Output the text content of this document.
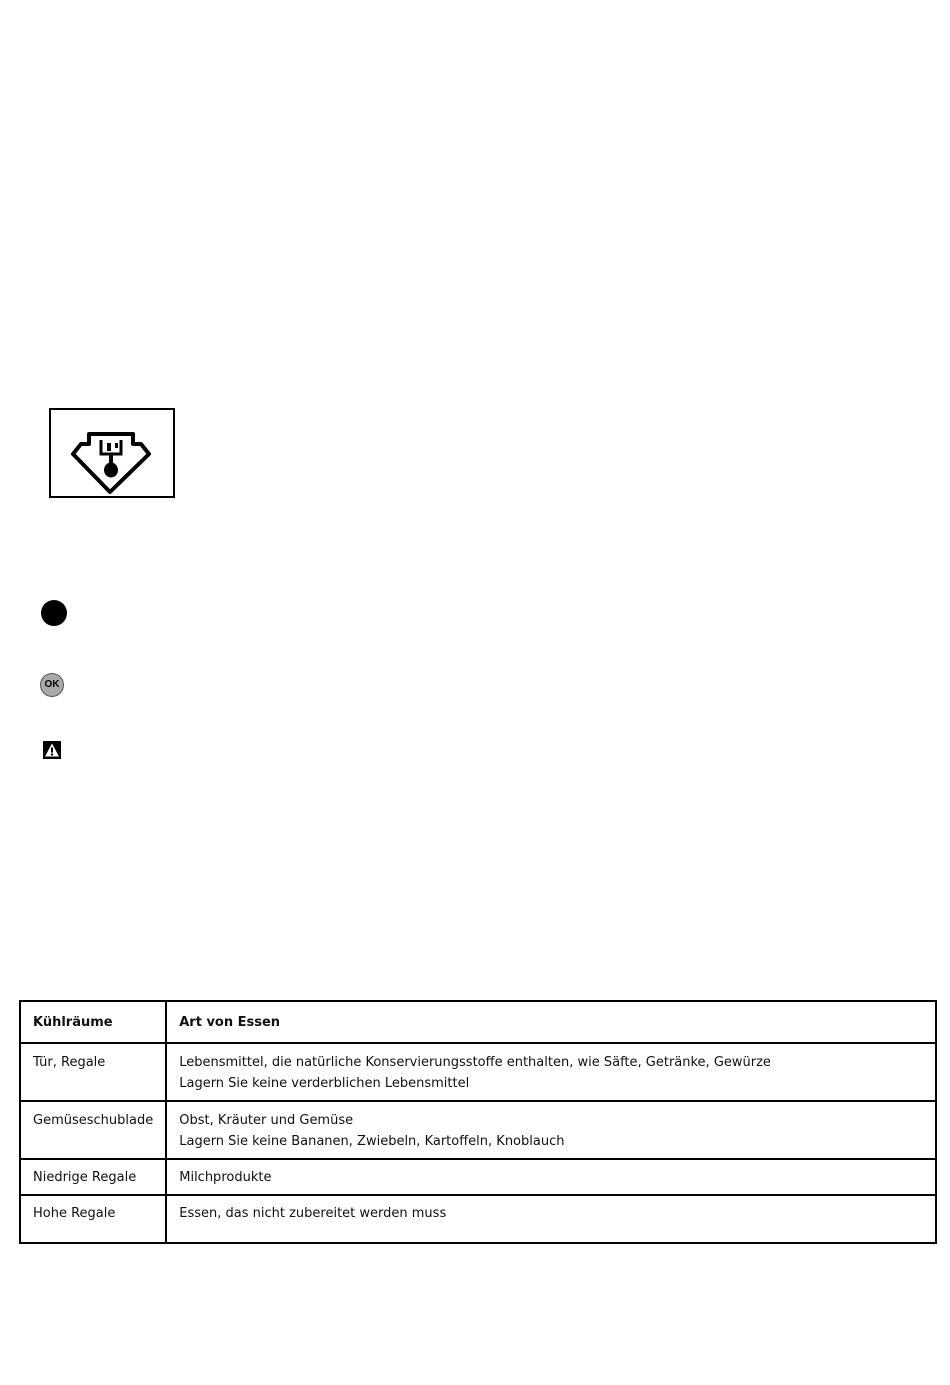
OK
Kühlräume	Art von Essen
Tür, Regale	Lebensmittel, die natürliche Konservierungsstoffe enthalten, wie Säfte, Getränke, Gewürze
Lagern Sie keine verderblichen Lebensmittel

Gemüseschublade	Obst, Kräuter und Gemüse
Lagern Sie keine Bananen, Zwiebeln, Kartoffeln, Knoblauch

Niedrige Regale	Milchprodukte

Hohe Regale	Essen, das nicht zubereitet werden muss
